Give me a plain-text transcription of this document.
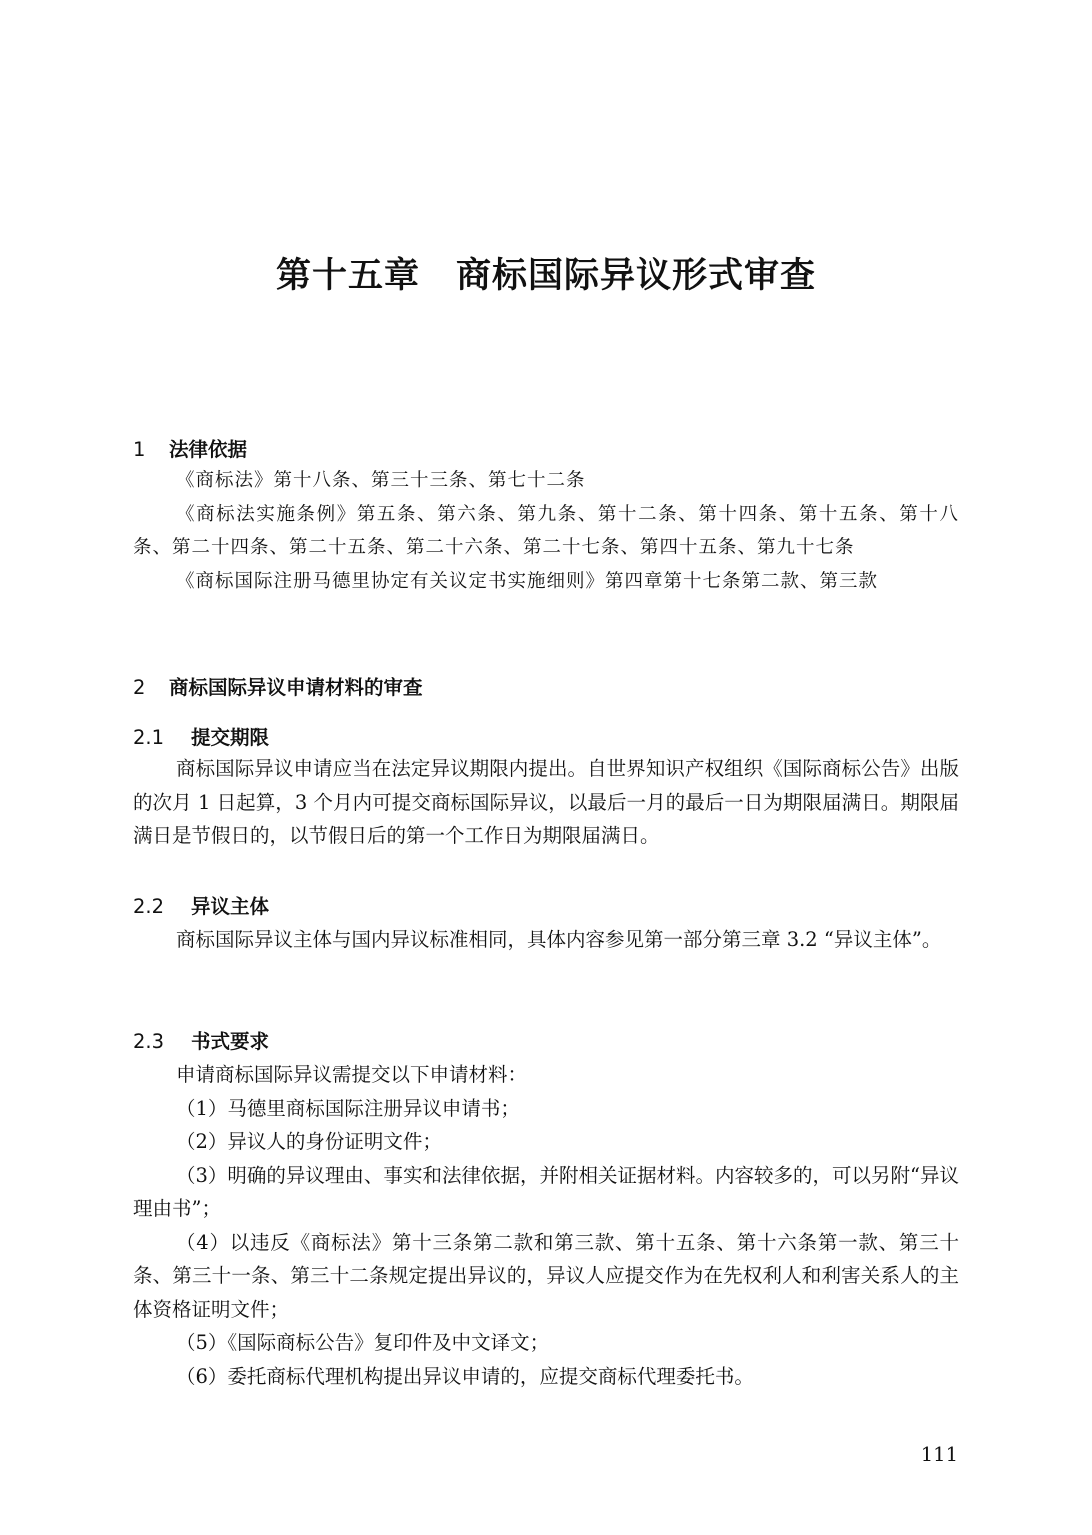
第十五章　商标国际异议形式审查
1 法律依据

《商标法》第十八条、第三十三条、第七十二条

《商标法实施条例》第五条、第六条、第九条、第十二条、第十四条、第十五条、第十八条、第二十四条、第二十五条、第二十六条、第二十七条、第四十五条、第九十七条

《商标国际注册马德里协定有关议定书实施细则》第四章第十七条第二款、第三款

2 商标国际异议申请材料的审查
2.1 提交期限

商标国际异议申请应当在法定异议期限内提出。自世界知识产权组织《国际商标公告》出版的次月 1 日起算，3 个月内可提交商标国际异议，以最后一月的最后一日为期限届满日。期限届满日是节假日的，以节假日后的第一个工作日为期限届满日。

2.2 异议主体

商标国际异议主体与国内异议标准相同，具体内容参见第一部分第三章 3.2 “异议主体”。

2.3 书式要求

申请商标国际异议需提交以下申请材料：

（1）马德里商标国际注册异议申请书；

（2）异议人的身份证明文件；

（3）明确的异议理由、事实和法律依据，并附相关证据材料。内容较多的，可以另附“异议理由书”；

（4）以违反《商标法》第十三条第二款和第三款、第十五条、第十六条第一款、第三十条、第三十一条、第三十二条规定提出异议的，异议人应提交作为在先权利人和利害关系人的主体资格证明文件；

（5）《国际商标公告》复印件及中文译文；

（6）委托商标代理机构提出异议申请的，应提交商标代理委托书。

111
